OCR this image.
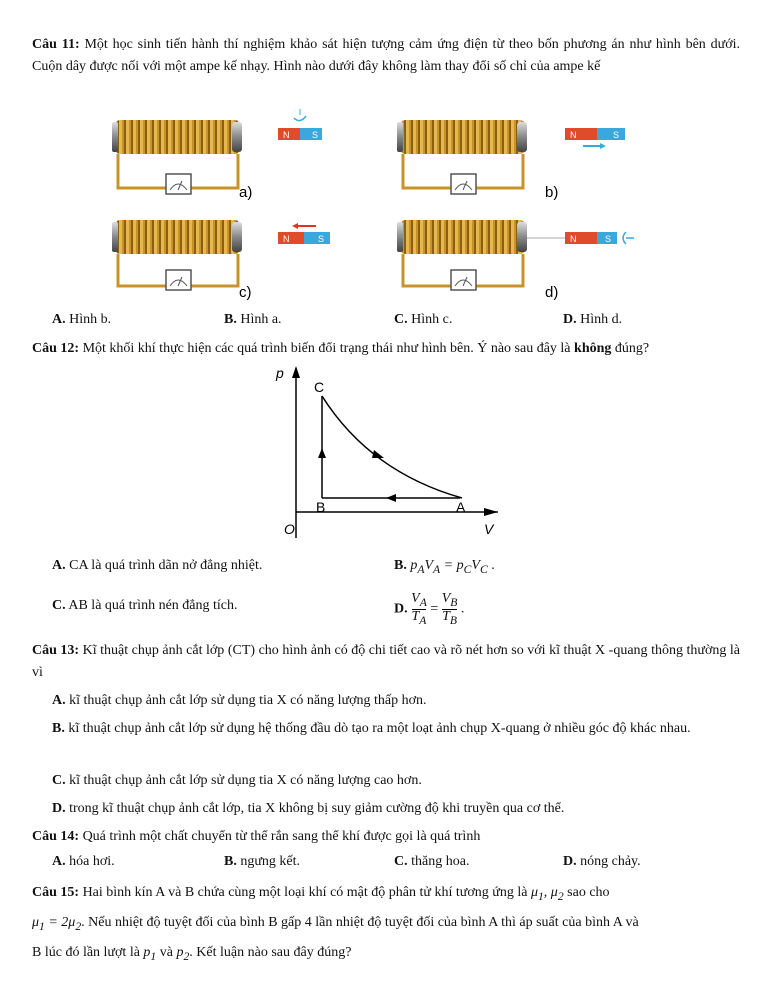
Câu 11: Một học sinh tiến hành thí nghiệm khảo sát hiện tượng cảm ứng điện từ theo bốn phương án như hình bên dưới. Cuộn dây được nối với một ampe kế nhạy. Hình nào dưới đây không làm thay đổi số chỉ của ampe kế
N	S
a)
N	S
b)
N	S
c)
N	S
d)
A. Hình b.	B. Hình a.	C. Hình c.	D. Hình d.
Câu 12: Một khối khí thực hiện các quá trình biến đổi trạng thái như hình bên. Ý nào sau đây là không đúng?
p
V
O
C
B	A
A. CA là quá trình dãn nở đẳng nhiệt.	B. $p_AV_A = p_CV_C$ .
C. AB là quá trình nén đẳng tích.	D. $V_A$
$T_A = V_B$
$T_B$ .
Câu 13: Kĩ thuật chụp ảnh cắt lớp (CT) cho hình ảnh có độ chi tiết cao và rõ nét hơn so với kĩ thuật X -quang thông thường là vì
A. kĩ thuật chụp ảnh cắt lớp sử dụng tia X có năng lượng thấp hơn.
B. kĩ thuật chụp ảnh cắt lớp sử dụng hệ thống đầu dò tạo ra một loạt ảnh chụp X-quang ở nhiều góc độ khác nhau.
C. kĩ thuật chụp ảnh cắt lớp sử dụng tia X có năng lượng cao hơn.
D. trong kĩ thuật chụp ảnh cắt lớp, tia X không bị suy giảm cường độ khi truyền qua cơ thể.
Câu 14: Quá trình một chất chuyển từ thể rắn sang thể khí được gọi là quá trình
A. hóa hơi.	B. ngưng kết.	C. thăng hoa.	D. nóng chảy.
Câu 15: Hai bình kín A và B chứa cùng một loại khí có mật độ phân tử khí tương ứng là $\mu_1$, $\mu_2$ sao cho
$\mu_1 = 2\mu_2$. Nếu nhiệt độ tuyệt đối của bình B gấp 4 lần nhiệt độ tuyệt đối của bình A thì áp suất của bình A và
B lúc đó lần lượt là $p_1$ và $p_2$. Kết luận nào sau đây đúng?
